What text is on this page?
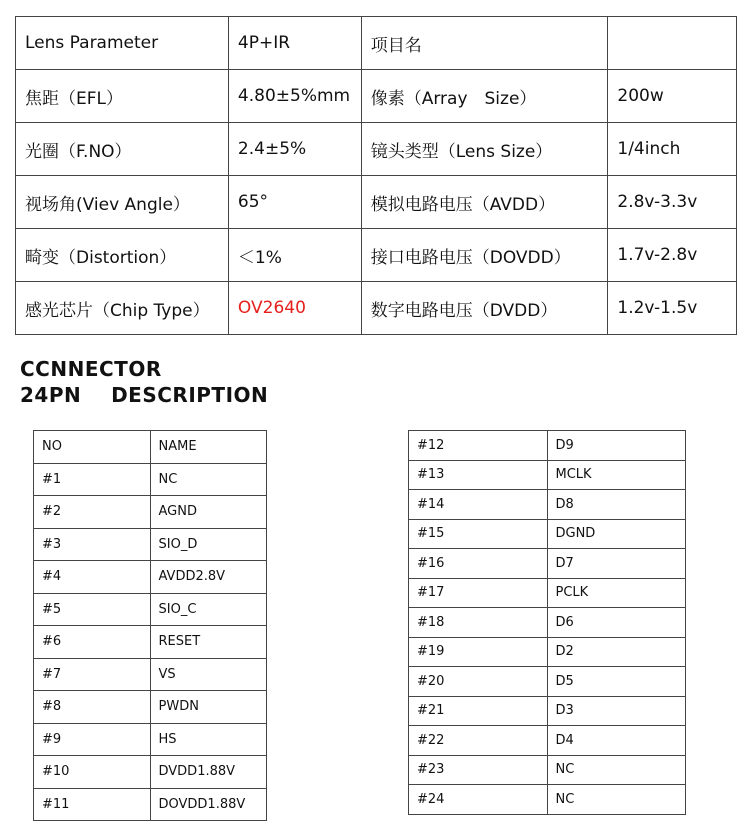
Lens Parameter	4P+IR	项目名	
焦距（EFL）	4.80±5%mm	像素（Array　Size）	200w
光圈（F.NO）	2.4±5%	镜头类型（Lens Size）	1/4inch
视场角(Viev Angle）	65°	模拟电路电压（AVDD）	2.8v-3.3v
畸变（Distortion）	＜1%	接口电路电压（DOVDD）	1.7v-2.8v
感光芯片（Chip Type）	OV2640	数字电路电压（DVDD）	1.2v-1.5v
CCNNECTOR
24PN    DESCRIPTION
NO	NAME
#1	NC
#2	AGND
#3	SIO_D
#4	AVDD2.8V
#5	SIO_C
#6	RESET
#7	VS
#8	PWDN
#9	HS
#10	DVDD1.88V
#11	DOVDD1.88V
#12	D9
#13	MCLK
#14	D8
#15	DGND
#16	D7
#17	PCLK
#18	D6
#19	D2
#20	D5
#21	D3
#22	D4
#23	NC
#24	NC
